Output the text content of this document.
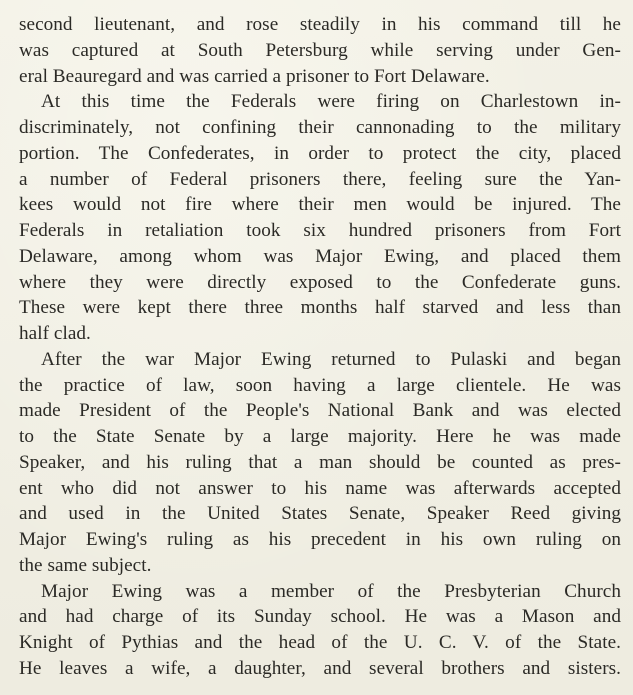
second lieutenant, and rose steadily in his command till he
was captured at South Petersburg while serving under Gen-
eral Beauregard and was carried a prisoner to Fort Delaware.
At this time the Federals were firing on Charlestown in-
discriminately, not confining their cannonading to the military
portion. The Confederates, in order to protect the city, placed
a number of Federal prisoners there, feeling sure the Yan-
kees would not fire where their men would be injured. The
Federals in retaliation took six hundred prisoners from Fort
Delaware, among whom was Major Ewing, and placed them
where they were directly exposed to the Confederate guns.
These were kept there three months half starved and less than
half clad.
After the war Major Ewing returned to Pulaski and began
the practice of law, soon having a large clientele. He was
made President of the People's National Bank and was elected
to the State Senate by a large majority. Here he was made
Speaker, and his ruling that a man should be counted as pres-
ent who did not answer to his name was afterwards accepted
and used in the United States Senate, Speaker Reed giving
Major Ewing's ruling as his precedent in his own ruling on
the same subject.
Major Ewing was a member of the Presbyterian Church
and had charge of its Sunday school. He was a Mason and
Knight of Pythias and the head of the U. C. V. of the State.
He leaves a wife, a daughter, and several brothers and sisters.
